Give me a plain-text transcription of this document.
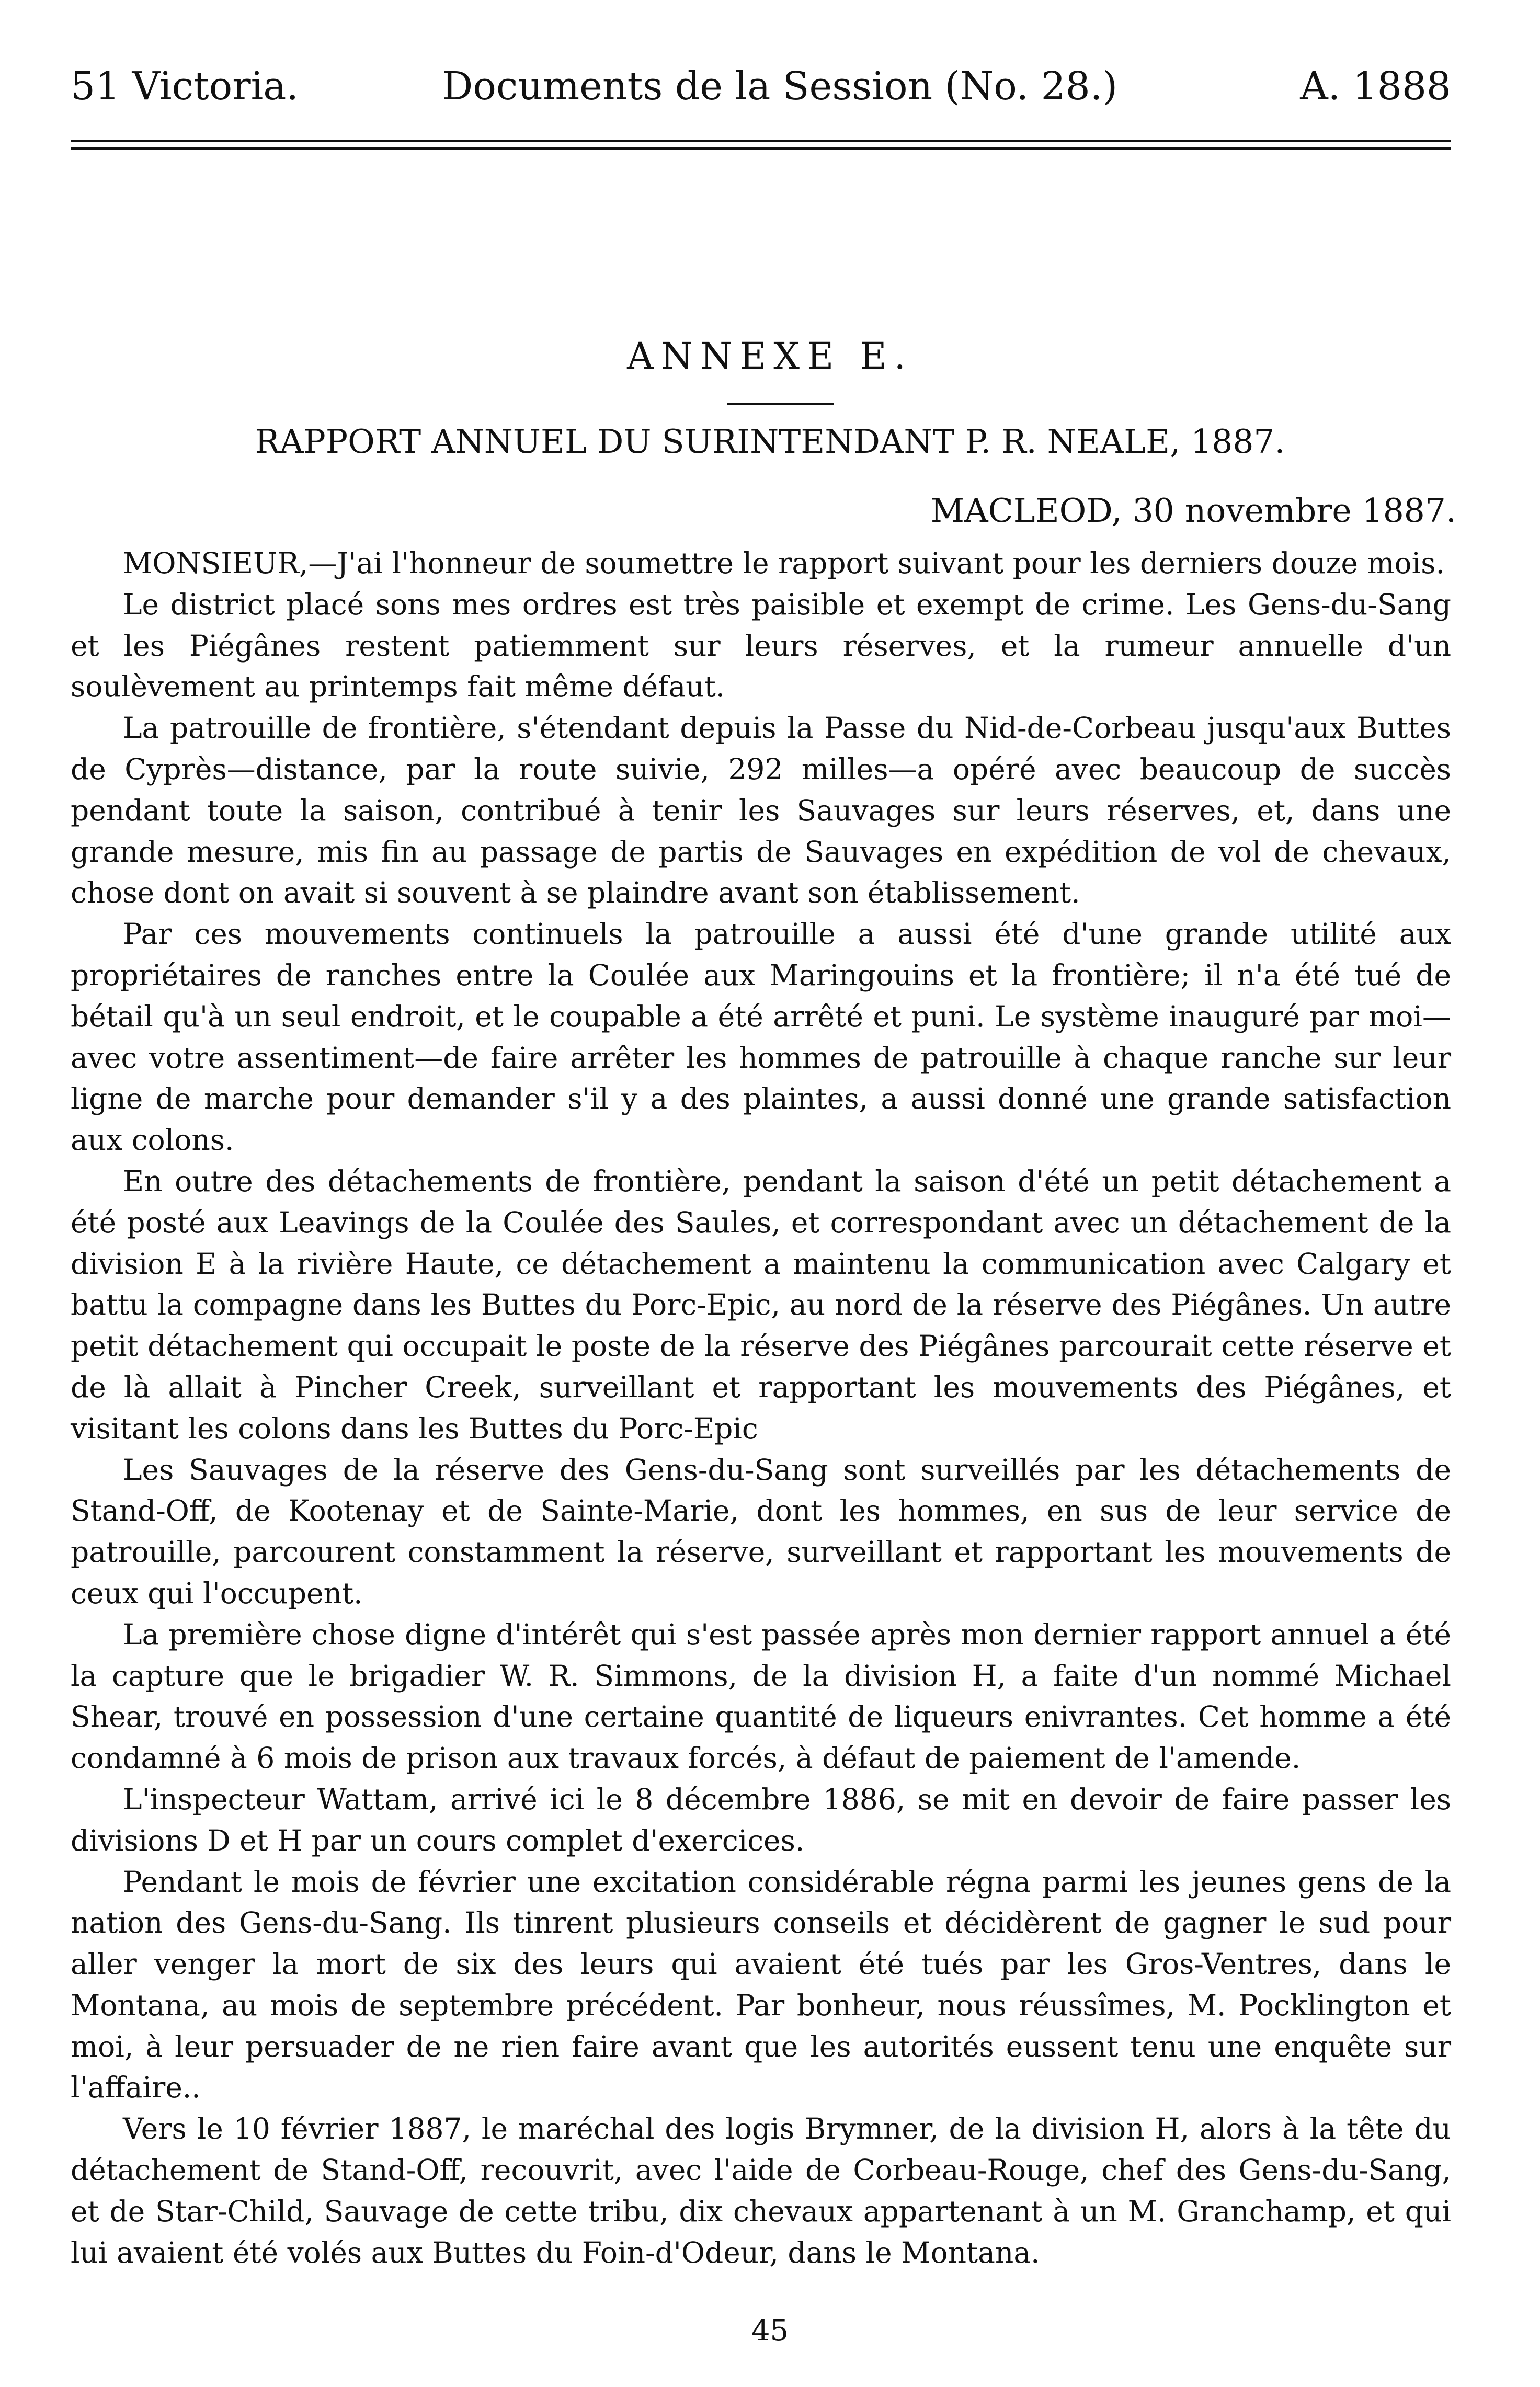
51 Victoria.	Documents de la Session (No. 28.)	A. 1888
ANNEXE E.
RAPPORT ANNUEL DU SURINTENDANT P. R. NEALE, 1887.
MACLEOD, 30 novembre 1887.

MONSIEUR,—J'ai l'honneur de soumettre le rapport suivant pour les derniers douze mois.

Le district placé sons mes ordres est très paisible et exempt de crime. Les Gens-du-Sang et les Piégânes restent patiemment sur leurs réserves, et la rumeur annuelle d'un soulèvement au printemps fait même défaut.

La patrouille de frontière, s'étendant depuis la Passe du Nid-de-Corbeau jusqu'aux Buttes de Cyprès—distance, par la route suivie, 292 milles—a opéré avec beaucoup de succès pendant toute la saison, contribué à tenir les Sauvages sur leurs réserves, et, dans une grande mesure, mis fin au passage de partis de Sauvages en expédition de vol de chevaux, chose dont on avait si souvent à se plaindre avant son établissement.

Par ces mouvements continuels la patrouille a aussi été d'une grande utilité aux propriétaires de ranches entre la Coulée aux Maringouins et la frontière; il n'a été tué de bétail qu'à un seul endroit, et le coupable a été arrêté et puni. Le système inauguré par moi—avec votre assentiment—de faire arrêter les hommes de patrouille à chaque ranche sur leur ligne de marche pour demander s'il y a des plaintes, a aussi donné une grande satisfaction aux colons.

En outre des détachements de frontière, pendant la saison d'été un petit détachement a été posté aux Leavings de la Coulée des Saules, et correspondant avec un détachement de la division E à la rivière Haute, ce détachement a maintenu la communication avec Calgary et battu la compagne dans les Buttes du Porc-Epic, au nord de la réserve des Piégânes. Un autre petit détachement qui occupait le poste de la réserve des Piégânes parcourait cette réserve et de là allait à Pincher Creek, surveillant et rapportant les mouvements des Piégânes, et visitant les colons dans les Buttes du Porc-Epic

Les Sauvages de la réserve des Gens-du-Sang sont surveillés par les détachements de Stand-Off, de Kootenay et de Sainte-Marie, dont les hommes, en sus de leur service de patrouille, parcourent constamment la réserve, surveillant et rapportant les mouvements de ceux qui l'occupent.

La première chose digne d'intérêt qui s'est passée après mon dernier rapport annuel a été la capture que le brigadier W. R. Simmons, de la division H, a faite d'un nommé Michael Shear, trouvé en possession d'une certaine quantité de liqueurs enivrantes. Cet homme a été condamné à 6 mois de prison aux travaux forcés, à défaut de paiement de l'amende.

L'inspecteur Wattam, arrivé ici le 8 décembre 1886, se mit en devoir de faire passer les divisions D et H par un cours complet d'exercices.

Pendant le mois de février une excitation considérable régna parmi les jeunes gens de la nation des Gens-du-Sang. Ils tinrent plusieurs conseils et décidèrent de gagner le sud pour aller venger la mort de six des leurs qui avaient été tués par les Gros-Ventres, dans le Montana, au mois de septembre précédent. Par bonheur, nous réussîmes, M. Pocklington et moi, à leur persuader de ne rien faire avant que les autorités eussent tenu une enquête sur l'affaire..

Vers le 10 février 1887, le maréchal des logis Brymner, de la division H, alors à la tête du détachement de Stand-Off, recouvrit, avec l'aide de Corbeau-Rouge, chef des Gens-du-Sang, et de Star-Child, Sauvage de cette tribu, dix chevaux appartenant à un M. Granchamp, et qui lui avaient été volés aux Buttes du Foin-d'Odeur, dans le Montana.

45
